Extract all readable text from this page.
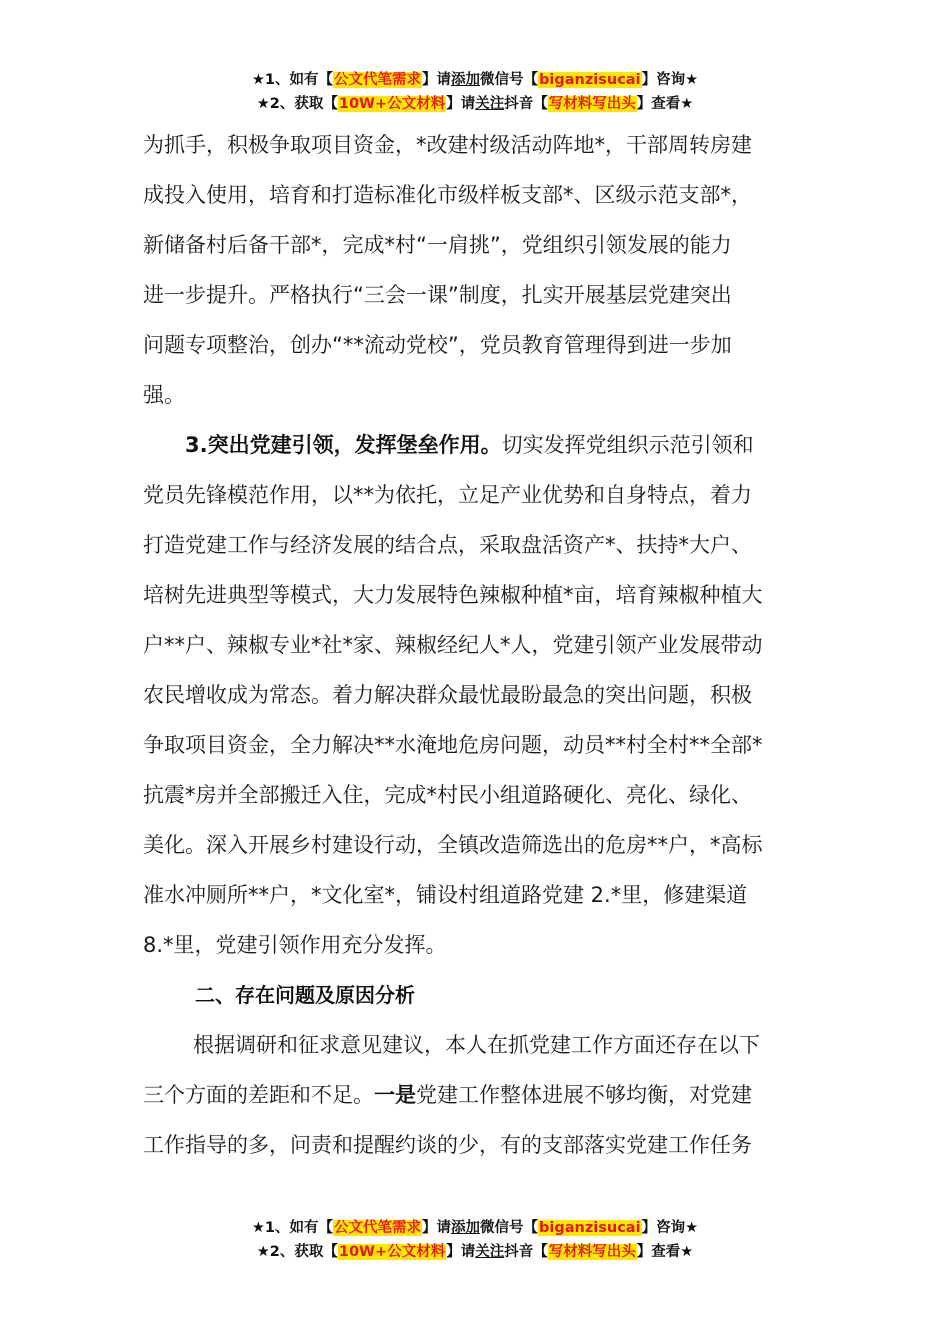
★1、如有【公文代笔需求】请添加微信号【biganzisucai】咨询★
★2、获取【10W+公文材料】请关注抖音【写材料写出头】查看★
为抓手，积极争取项目资金，*改建村级活动阵地*，干部周转房建
成投入使用，培育和打造标准化市级样板支部*、区级示范支部*，
新储备村后备干部*，完成*村“一肩挑”，党组织引领发展的能力
进一步提升。严格执行“三会一课”制度，扎实开展基层党建突出
问题专项整治，创办“**流动党校”，党员教育管理得到进一步加
强。
3.突出党建引领，发挥堡垒作用。切实发挥党组织示范引领和
党员先锋模范作用，以**为依托，立足产业优势和自身特点，着力
打造党建工作与经济发展的结合点，采取盘活资产*、扶持*大户、
培树先进典型等模式，大力发展特色辣椒种植*亩，培育辣椒种植大
户**户、辣椒专业*社*家、辣椒经纪人*人，党建引领产业发展带动
农民增收成为常态。着力解决群众最忧最盼最急的突出问题，积极
争取项目资金，全力解决**水淹地危房问题，动员**村全村**全部*
抗震*房并全部搬迁入住，完成*村民小组道路硬化、亮化、绿化、
美化。深入开展乡村建设行动，全镇改造筛选出的危房**户，*高标
准水冲厕所**户，*文化室*，铺设村组道路党建 2.*里，修建渠道
8.*里，党建引领作用充分发挥。
二、存在问题及原因分析
根据调研和征求意见建议，本人在抓党建工作方面还存在以下
三个方面的差距和不足。一是党建工作整体进展不够均衡，对党建
工作指导的多，问责和提醒约谈的少，有的支部落实党建工作任务
★1、如有【公文代笔需求】请添加微信号【biganzisucai】咨询★
★2、获取【10W+公文材料】请关注抖音【写材料写出头】查看★
